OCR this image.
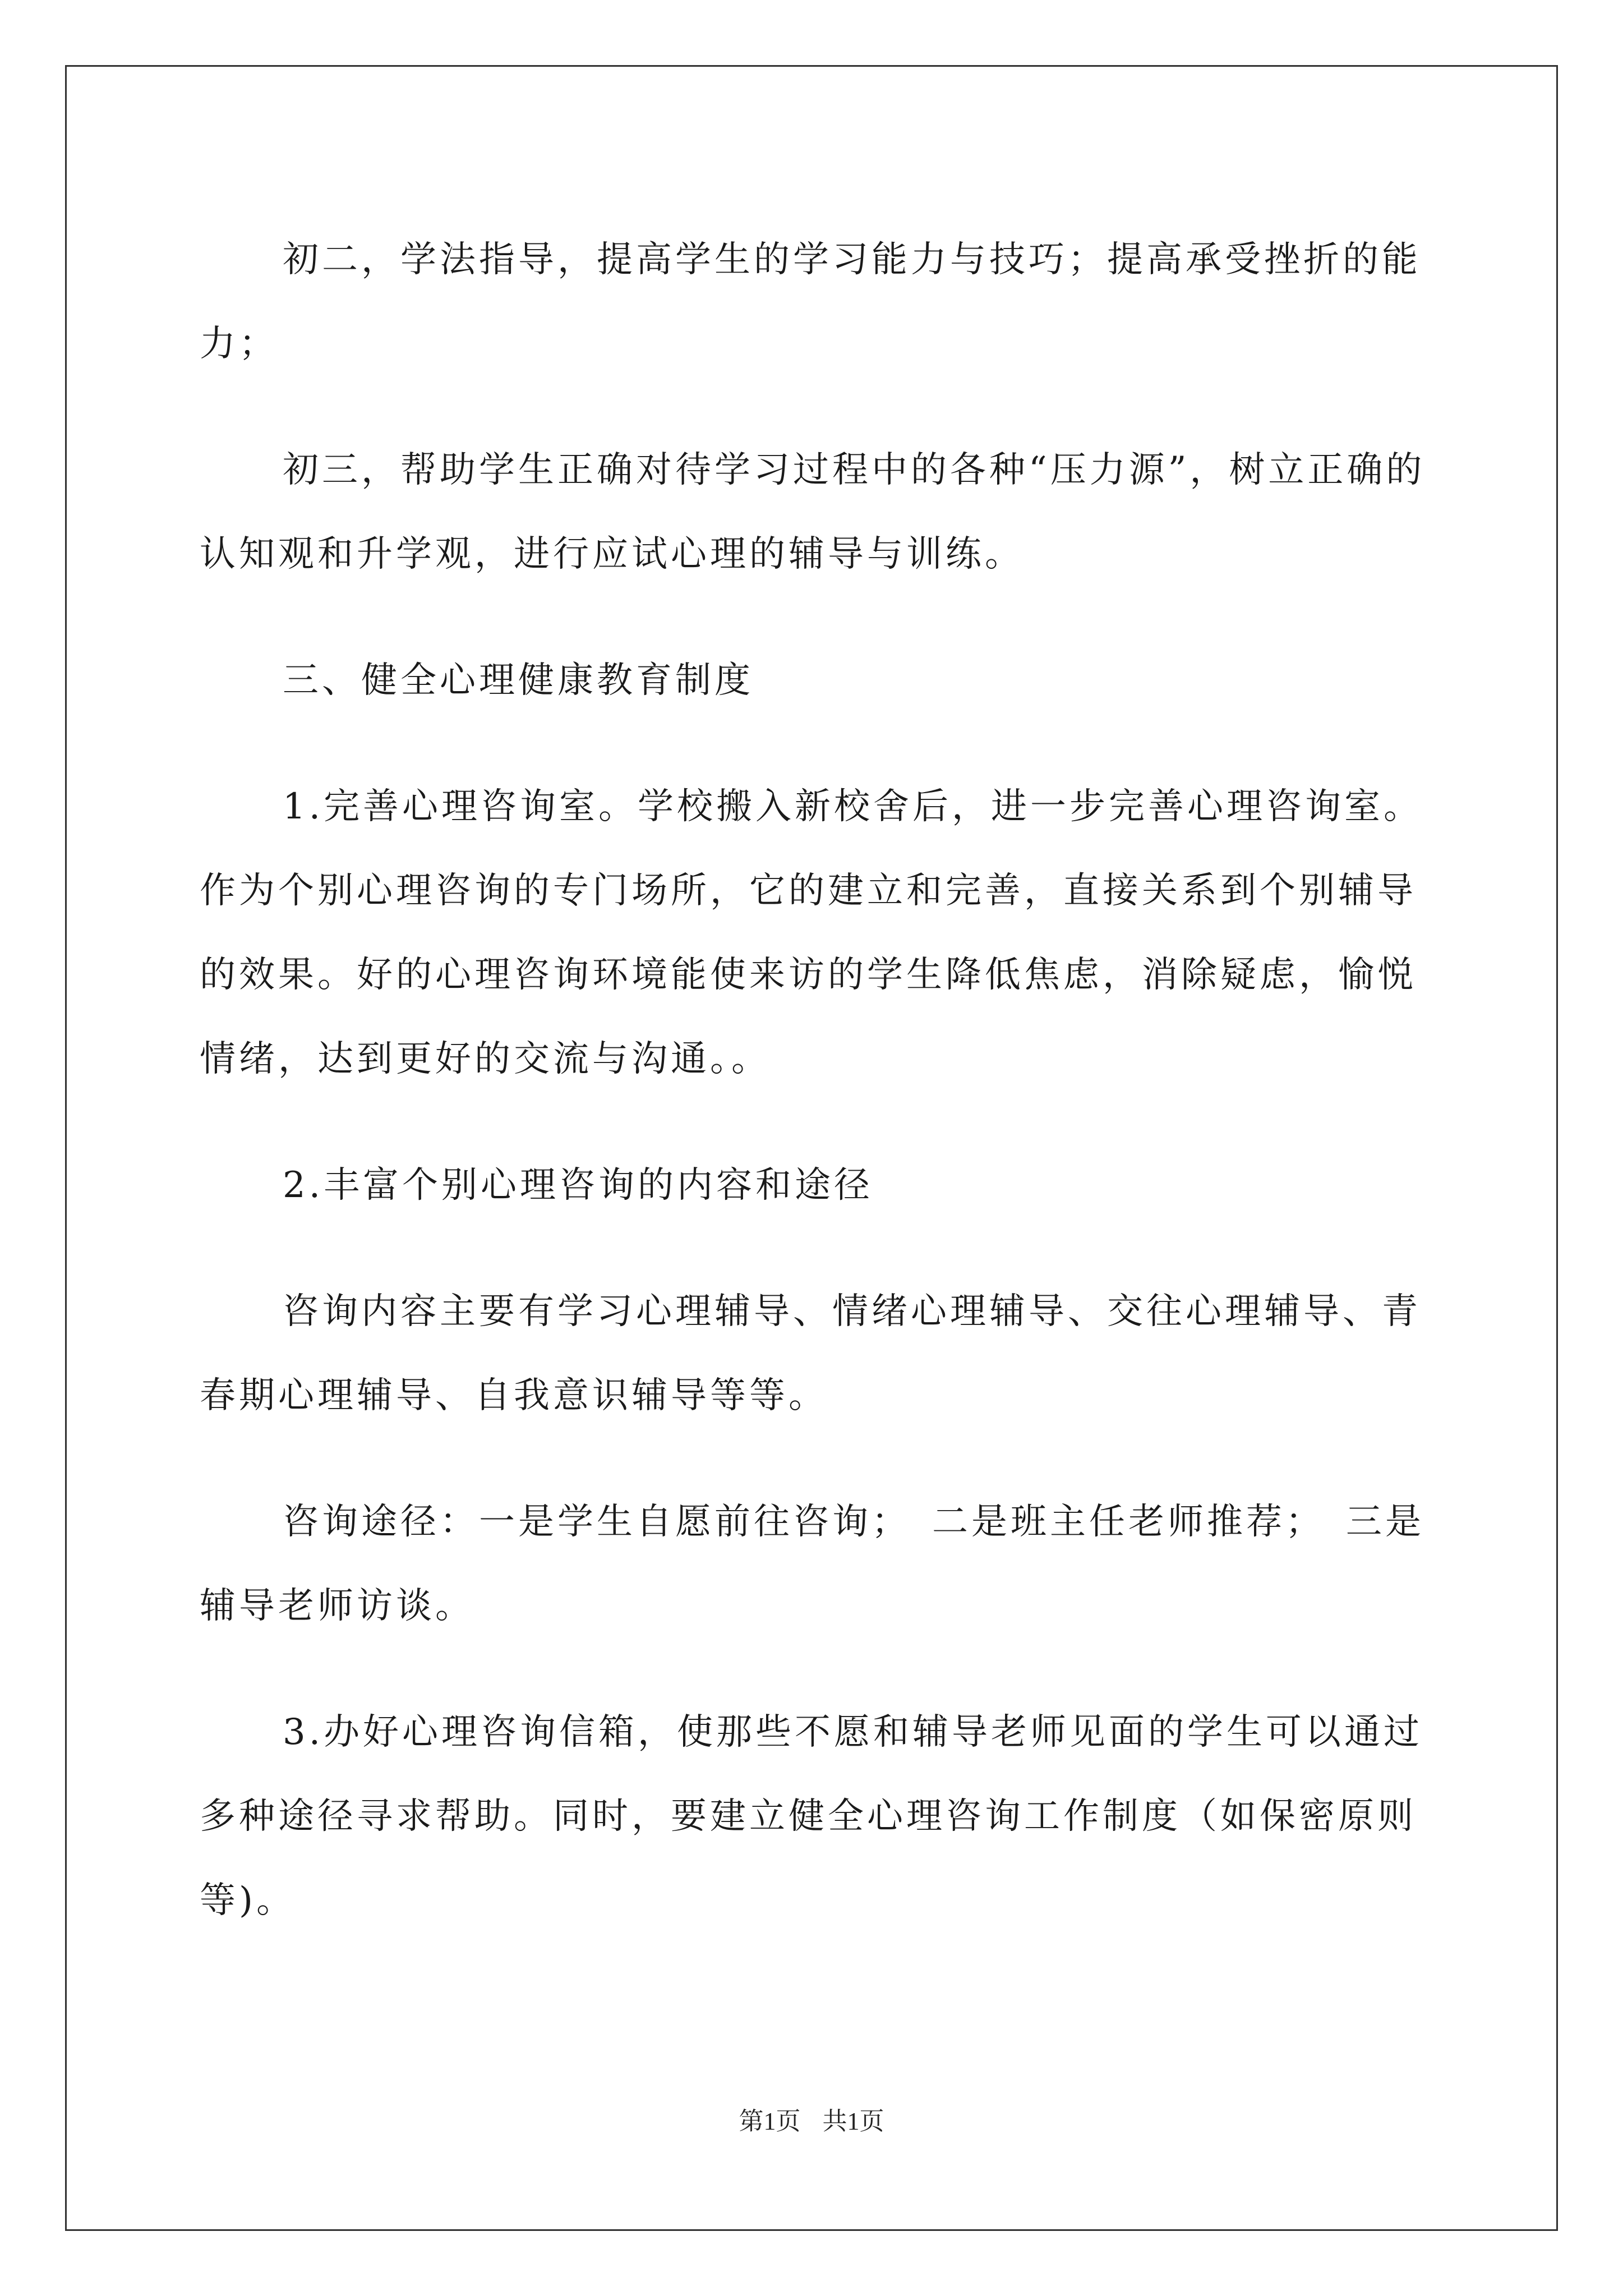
初二，学法指导，提高学生的学习能力与技巧；提高承受挫折的能力；

初三，帮助学生正确对待学习过程中的各种“压力源”，树立正确的认知观和升学观，进行应试心理的辅导与训练。

三、健全心理健康教育制度

1.完善心理咨询室。学校搬入新校舍后，进一步完善心理咨询室。作为个别心理咨询的专门场所，它的建立和完善，直接关系到个别辅导的效果。好的心理咨询环境能使来访的学生降低焦虑，消除疑虑，愉悦情绪，达到更好的交流与沟通。。

2.丰富个别心理咨询的内容和途径

咨询内容主要有学习心理辅导、情绪心理辅导、交往心理辅导、青春期心理辅导、自我意识辅导等等。

咨询途径：一是学生自愿前往咨询；　二是班主任老师推荐；　三是辅导老师访谈。

3.办好心理咨询信箱，使那些不愿和辅导老师见面的学生可以通过多种途径寻求帮助。同时，要建立健全心理咨询工作制度（如保密原则等)。

第1页 共1页
